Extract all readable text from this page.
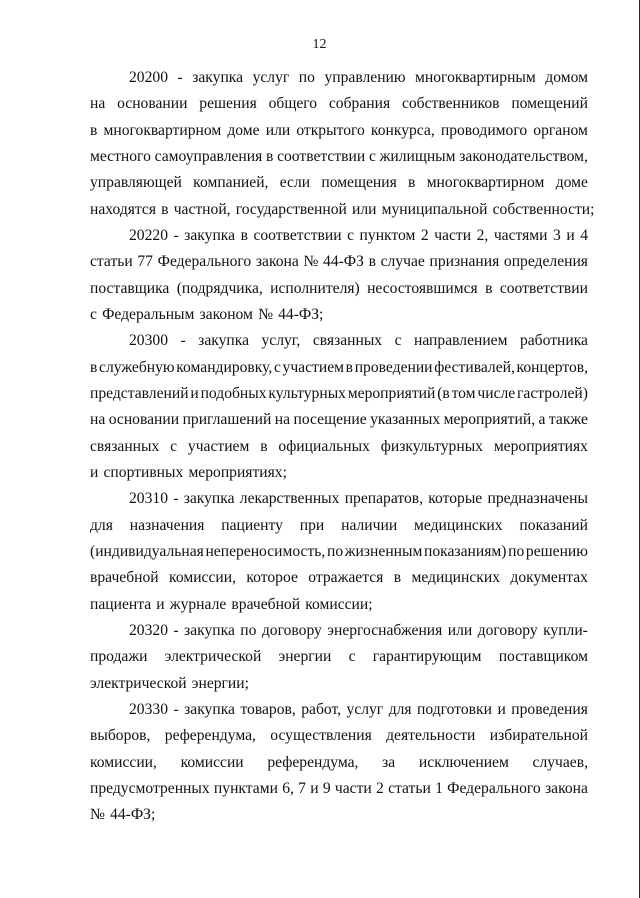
12
20200 - закупка услуг по управлению многоквартирным домом
на основании решения общего собрания собственников помещений
в многоквартирном доме или открытого конкурса, проводимого органом
местного самоуправления в соответствии с жилищным законодательством,
управляющей компанией, если помещения в многоквартирном доме
находятся в частной, государственной или муниципальной собственности;
20220 - закупка в соответствии с пунктом 2 части 2, частями 3 и 4
статьи 77 Федерального закона № 44-ФЗ в случае признания определения
поставщика (подрядчика, исполнителя) несостоявшимся в соответствии
с Федеральным законом № 44-ФЗ;
20300 - закупка услуг, связанных с направлением работника
в служебную командировку, с участием в проведении фестивалей, концертов,
представлений и подобных культурных мероприятий (в том числе гастролей)
на основании приглашений на посещение указанных мероприятий, а также
связанных с участием в официальных физкультурных мероприятиях
и спортивных мероприятиях;
20310 - закупка лекарственных препаратов, которые предназначены
для назначения пациенту при наличии медицинских показаний
(индивидуальная непереносимость, по жизненным показаниям) по решению
врачебной комиссии, которое отражается в медицинских документах
пациента и журнале врачебной комиссии;
20320 - закупка по договору энергоснабжения или договору купли-
продажи электрической энергии с гарантирующим поставщиком
электрической энергии;
20330 - закупка товаров, работ, услуг для подготовки и проведения
выборов, референдума, осуществления деятельности избирательной
комиссии, комиссии референдума, за исключением случаев,
предусмотренных пунктами 6, 7 и 9 части 2 статьи 1 Федерального закона
№ 44-ФЗ;
